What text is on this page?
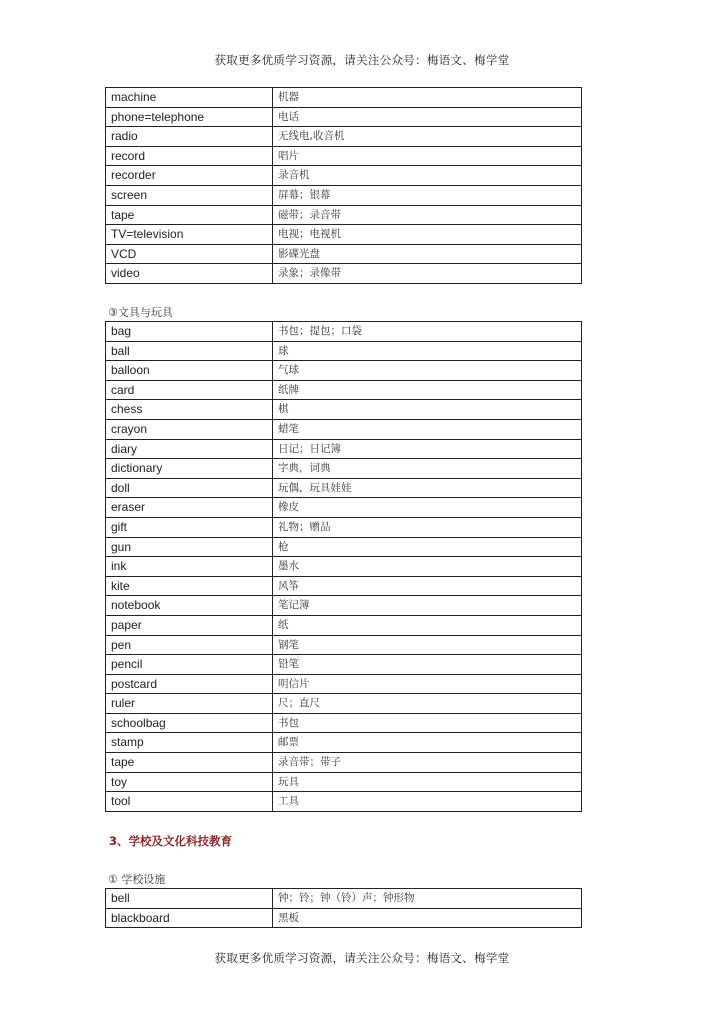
获取更多优质学习资源，请关注公众号：梅语文、梅学堂
machine	机器
phone=telephone	电话
radio	无线电,收音机
record	唱片
recorder	录音机
screen	屏幕；银幕
tape	磁带；录音带
TV=television	电视；电视机
VCD	影碟光盘
video	录象；录像带
③文具与玩具
bag	书包；提包；口袋
ball	球
balloon	气球
card	纸牌
chess	棋
crayon	蜡笔
diary	日记；日记簿
dictionary	字典，词典
doll	玩偶，玩具娃娃
eraser	橡皮
gift	礼物；赠品
gun	枪
ink	墨水
kite	风筝
notebook	笔记簿
paper	纸
pen	钢笔
pencil	铅笔
postcard	明信片
ruler	尺；直尺
schoolbag	书包
stamp	邮票
tape	录音带；带子
toy	玩具
tool	工具
3、学校及文化科技教育
① 学校设施
bell	钟；铃；钟（铃）声；钟形物
blackboard	黑板
获取更多优质学习资源，请关注公众号：梅语文、梅学堂
